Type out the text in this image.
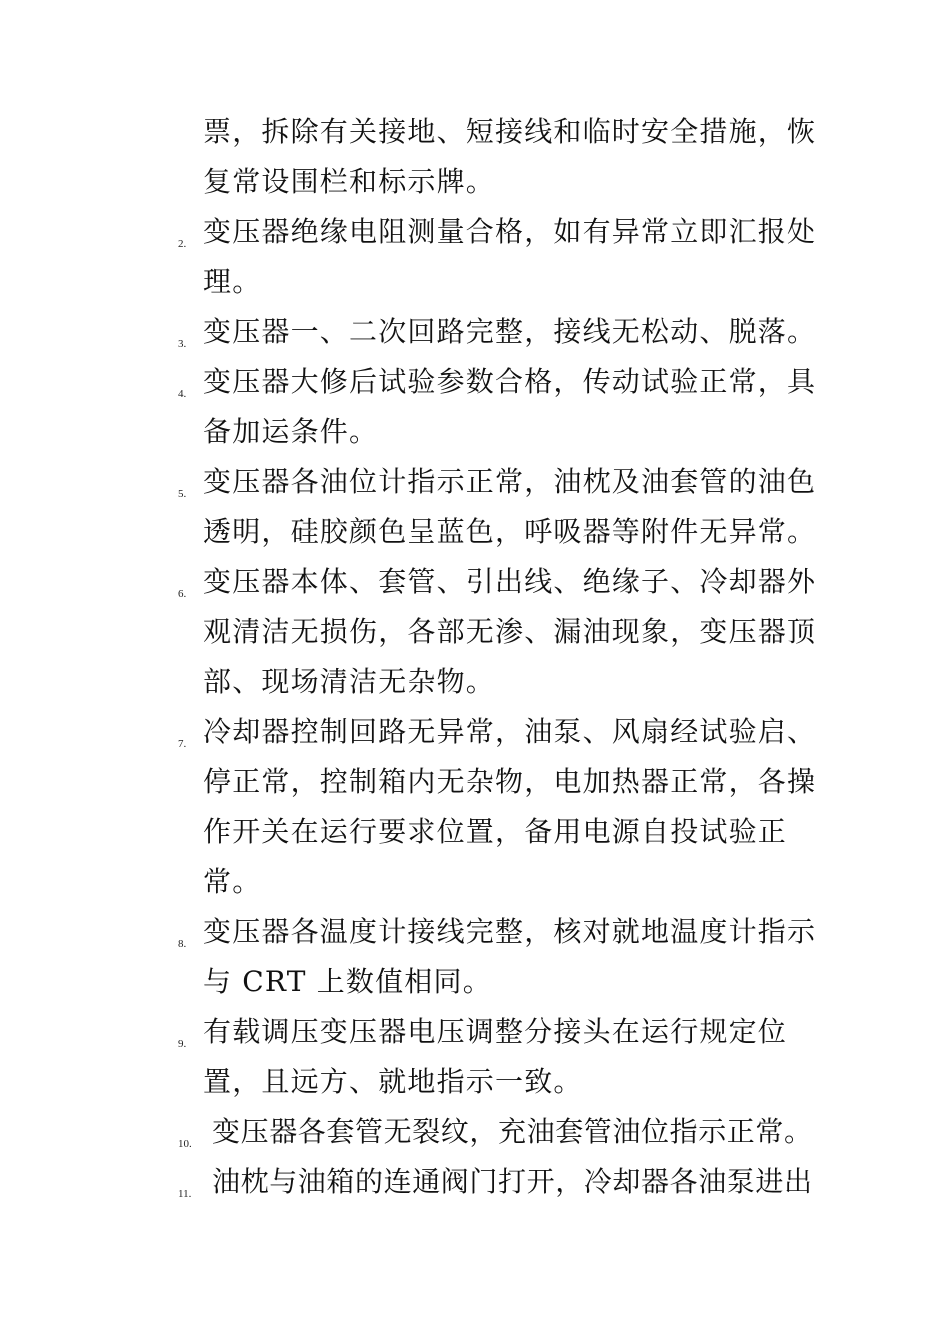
票，拆除有关接地、短接线和临时安全措施，恢
复常设围栏和标示牌。
2. 变压器绝缘电阻测量合格，如有异常立即汇报处
理。
3. 变压器一、二次回路完整，接线无松动、脱落。
4. 变压器大修后试验参数合格，传动试验正常，具
备加运条件。
5. 变压器各油位计指示正常，油枕及油套管的油色
透明，硅胶颜色呈蓝色，呼吸器等附件无异常。
6. 变压器本体、套管、引出线、绝缘子、冷却器外
观清洁无损伤，各部无渗、漏油现象，变压器顶
部、现场清洁无杂物。
7. 冷却器控制回路无异常，油泵、风扇经试验启、
停正常，控制箱内无杂物，电加热器正常，各操
作开关在运行要求位置，备用电源自投试验正
常。
8. 变压器各温度计接线完整，核对就地温度计指示
与 CRT 上数值相同。
9. 有载调压变压器电压调整分接头在运行规定位
置，且远方、就地指示一致。
10. 变压器各套管无裂纹，充油套管油位指示正常。
11. 油枕与油箱的连通阀门打开，冷却器各油泵进出
